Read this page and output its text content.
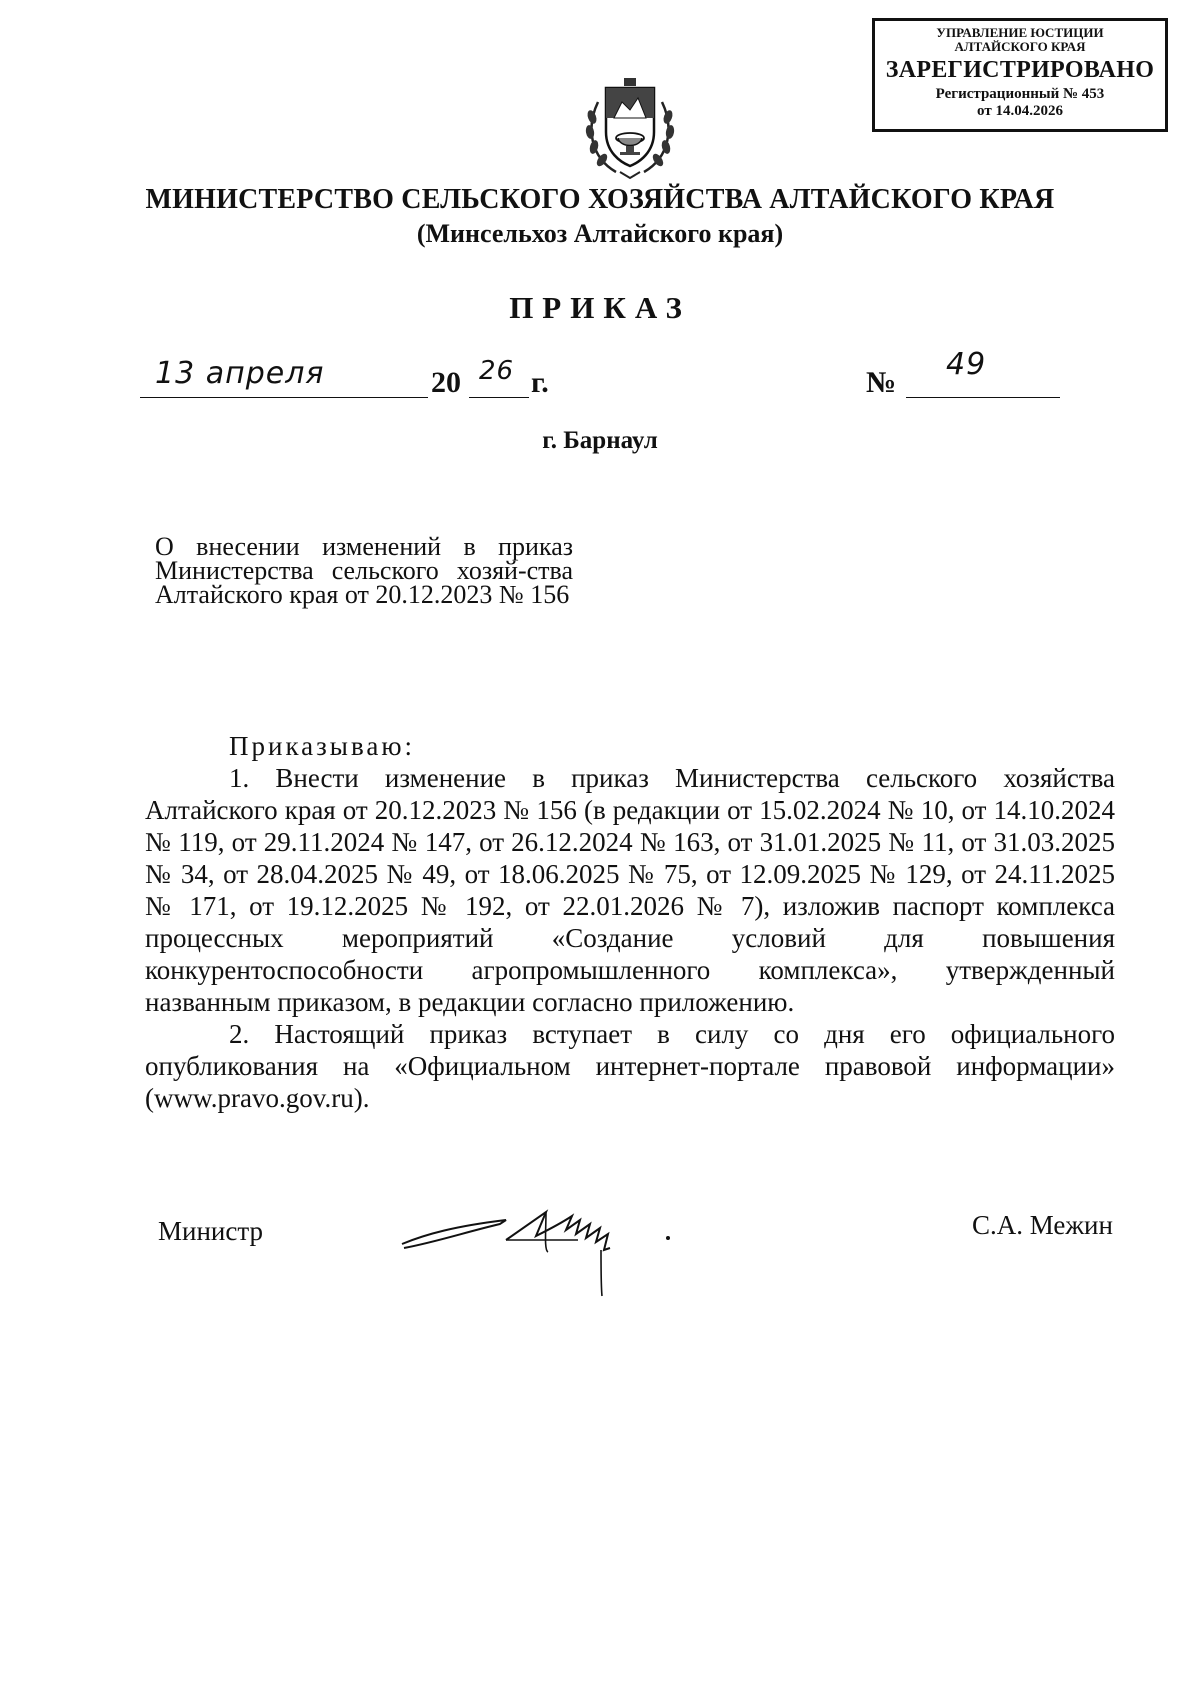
УПРАВЛЕНИЕ ЮСТИЦИИ
АЛТАЙСКОГО КРАЯ
ЗАРЕГИСТРИРОВАНО
Регистрационный № 453
от 14.04.2026
МИНИСТЕРСТВО СЕЛЬСКОГО ХОЗЯЙСТВА АЛТАЙСКОГО КРАЯ
(Минсельхоз Алтайского края)
ПРИКАЗ
13 апреля	20 26 г.	№
49
г. Барнаул
О внесении изменений в приказ Министерства сельского хозяй-ства Алтайского края от 20.12.2023 № 156

Приказываю:

1. Внести изменение в приказ Министерства сельского хозяйства Алтайского края от 20.12.2023 № 156 (в редакции от 15.02.2024 № 10, от 14.10.2024 № 119, от 29.11.2024 № 147, от 26.12.2024 № 163, от 31.01.2025 № 11, от 31.03.2025 № 34, от 28.04.2025 № 49, от 18.06.2025 № 75, от 12.09.2025 № 129, от 24.11.2025 № 171, от 19.12.2025 № 192, от 22.01.2026 № 7), изложив паспорт комплекса процессных мероприятий «Создание условий для повышения конкурентоспособности агропромышленного комплекса», утвержденный названным приказом, в редакции согласно приложению.

2. Настоящий приказ вступает в силу со дня его официального опубликования на «Официальном интернет-портале правовой информации» (www.pravo.gov.ru).

Министр	С.А. Межин
